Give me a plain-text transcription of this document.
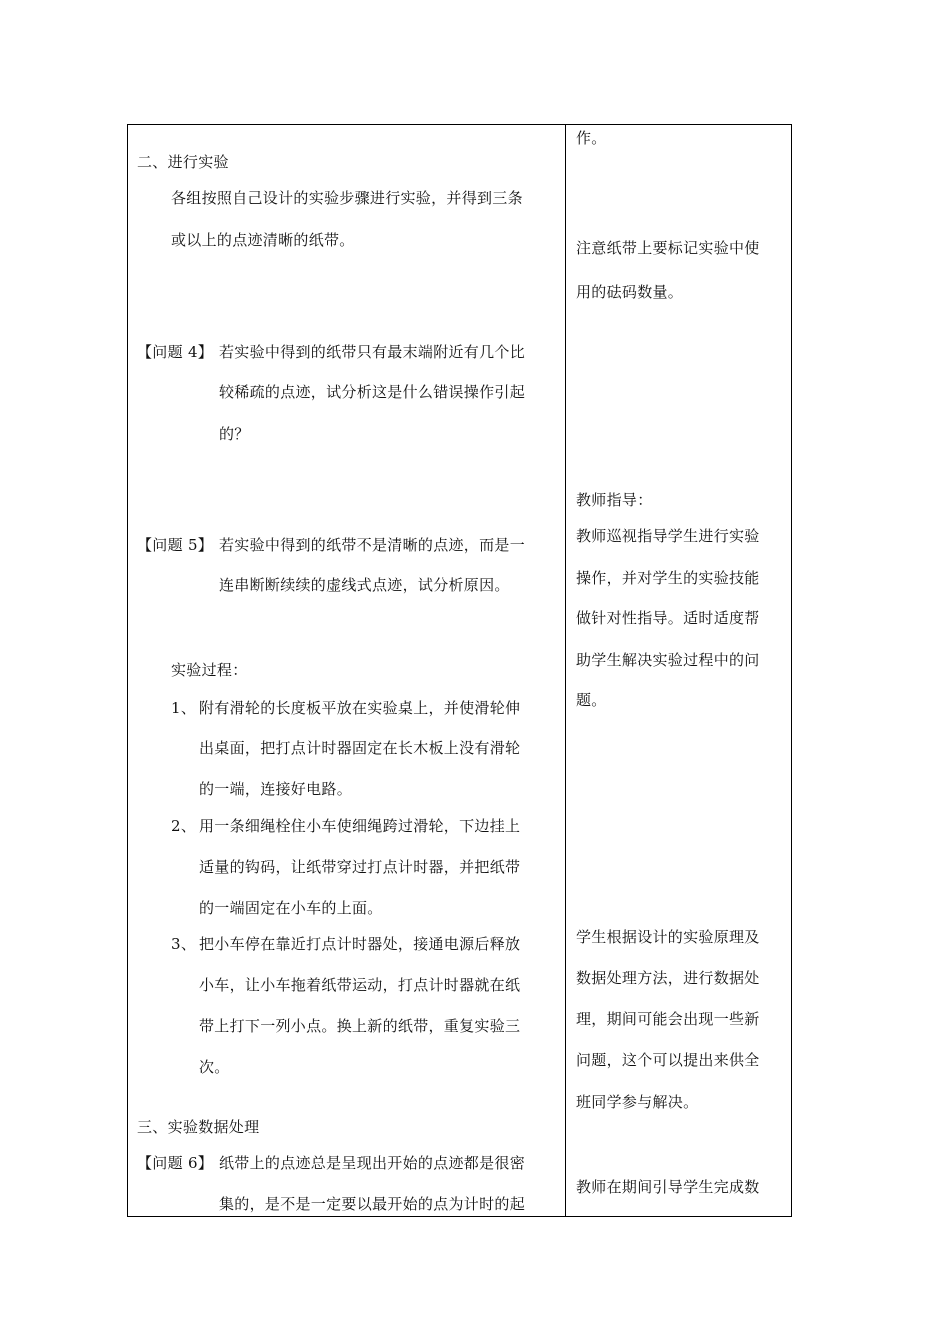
二、进行实验
各组按照自己设计的实验步骤进行实验，并得到三条
或以上的点迹清晰的纸带。
【问题 4】 若实验中得到的纸带只有最末端附近有几个比
较稀疏的点迹，试分析这是什么错误操作引起
的？
【问题 5】 若实验中得到的纸带不是清晰的点迹，而是一
连串断断续续的虚线式点迹，试分析原因。
实验过程：
1、 附有滑轮的长度板平放在实验桌上，并使滑轮伸
出桌面，把打点计时器固定在长木板上没有滑轮
的一端，连接好电路。
2、 用一条细绳栓住小车使细绳跨过滑轮，下边挂上
适量的钩码，让纸带穿过打点计时器，并把纸带
的一端固定在小车的上面。
3、 把小车停在靠近打点计时器处，接通电源后释放
小车，让小车拖着纸带运动，打点计时器就在纸
带上打下一列小点。换上新的纸带，重复实验三
次。
三、实验数据处理
【问题 6】 纸带上的点迹总是呈现出开始的点迹都是很密
集的，是不是一定要以最开始的点为计时的起
作。
注意纸带上要标记实验中使
用的砝码数量。
教师指导：
教师巡视指导学生进行实验
操作，并对学生的实验技能
做针对性指导。适时适度帮
助学生解决实验过程中的问
题。
学生根据设计的实验原理及
数据处理方法，进行数据处
理，期间可能会出现一些新
问题，这个可以提出来供全
班同学参与解决。
教师在期间引导学生完成数
